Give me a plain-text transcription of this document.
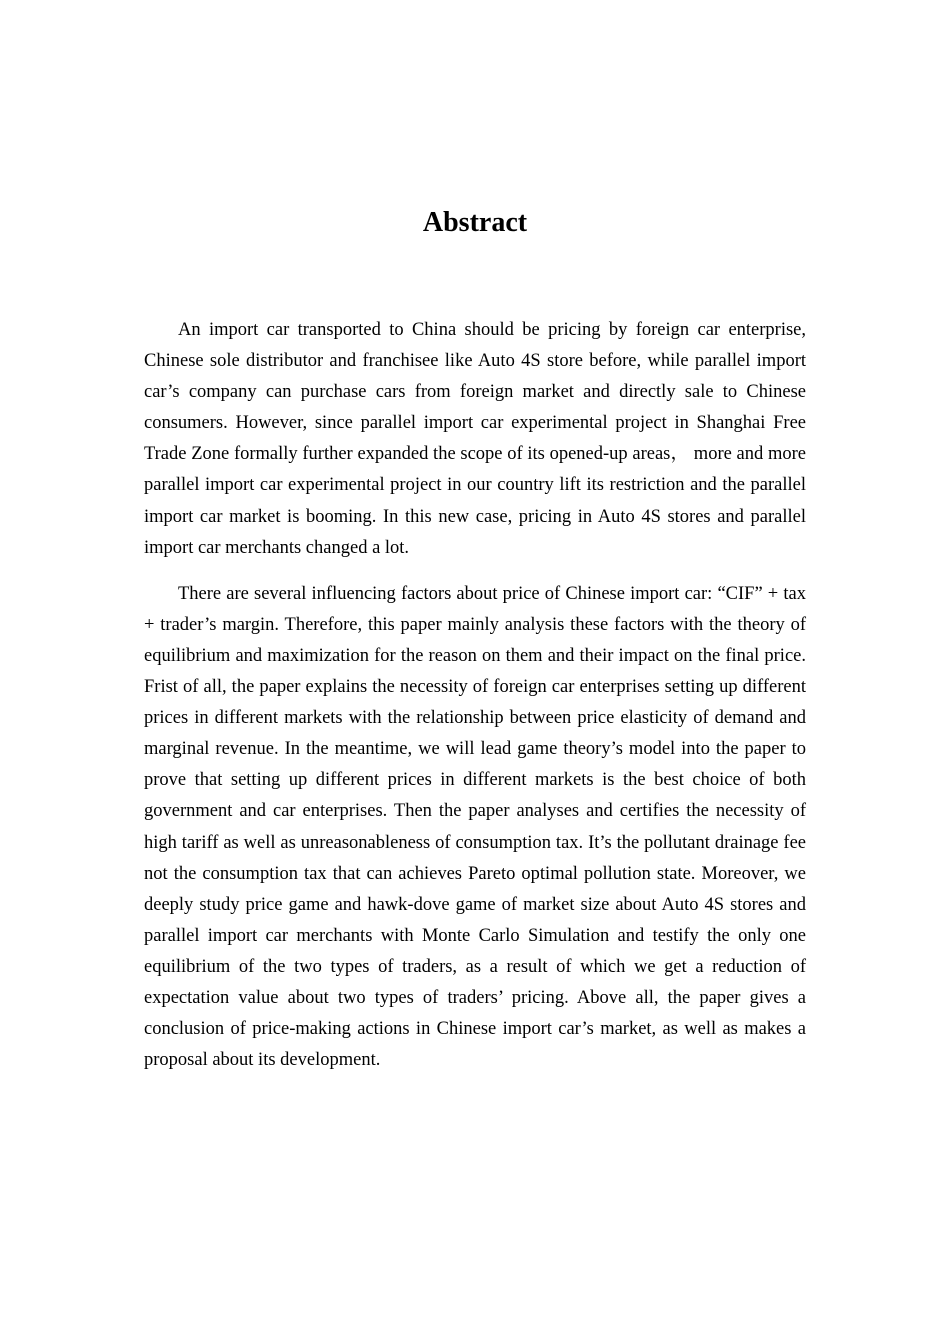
Abstract

An import car transported to China should be pricing by foreign car enterprise, Chinese sole distributor and franchisee like Auto 4S store before, while parallel import car’s company can purchase cars from foreign market and directly sale to Chinese consumers. However, since parallel import car experimental project in Shanghai Free Trade Zone formally further expanded the scope of its opened-up areas， more and more parallel import car experimental project in our country lift its restriction and the parallel import car market is booming. In this new case, pricing in Auto 4S stores and parallel import car merchants changed a lot.

There are several influencing factors about price of Chinese import car: “CIF” + tax + trader’s margin. Therefore, this paper mainly analysis these factors with the theory of equilibrium and maximization for the reason on them and their impact on the final price. Frist of all, the paper explains the necessity of foreign car enterprises setting up different prices in different markets with the relationship between price elasticity of demand and marginal revenue. In the meantime, we will lead game theory’s model into the paper to prove that setting up different prices in different markets is the best choice of both government and car enterprises. Then the paper analyses and certifies the necessity of high tariff as well as unreasonableness of consumption tax. It’s the pollutant drainage fee not the consumption tax that can achieves Pareto optimal pollution state. Moreover, we deeply study price game and hawk-dove game of market size about Auto 4S stores and parallel import car merchants with Monte Carlo Simulation and testify the only one equilibrium of the two types of traders, as a result of which we get a reduction of expectation value about two types of traders’ pricing. Above all, the paper gives a conclusion of price-making actions in Chinese import car’s market, as well as makes a proposal about its development.
